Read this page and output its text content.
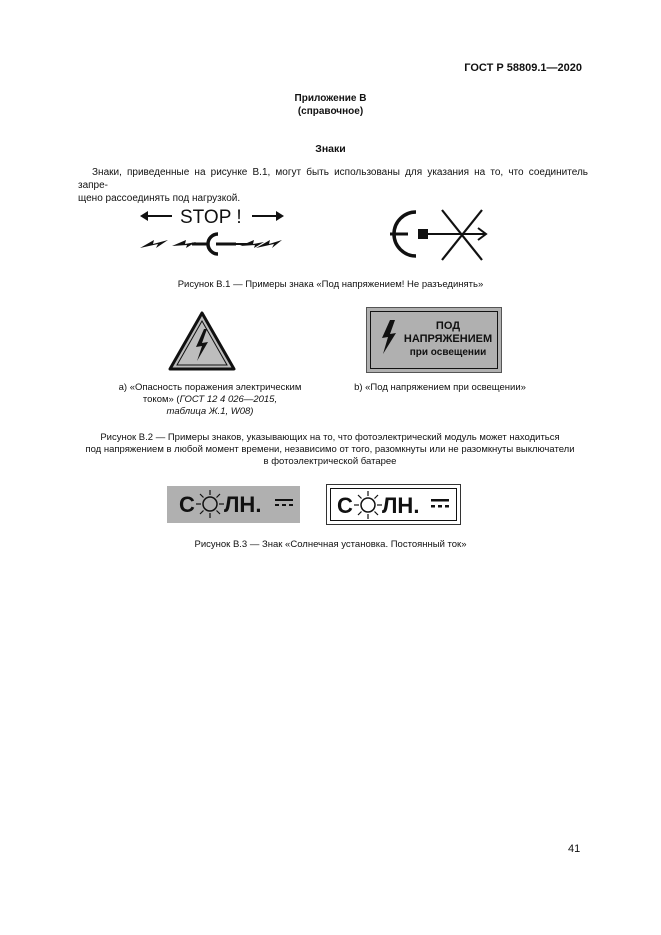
ГОСТ Р 58809.1—2020
Приложение В
(справочное)
Знаки
Знаки, приведенные на рисунке В.1, могут быть использованы для указания на то, что соединитель запре-
щено рассоединять под нагрузкой.
STOP !
Рисунок В.1 — Примеры знака «Под напряжением! Не разъединять»
ПОД
НАПРЯЖЕНИЕМ
при освещении
а) «Опасность поражения электрическим
током» (ГОСТ 12 4 026—2015,
таблица Ж.1, W08)
b) «Под напряжением при освещении»
Рисунок В.2 — Примеры знаков, указывающих на то, что фотоэлектрический модуль может находиться
под напряжением в любой момент времени, независимо от того, разомкнуты или не разомкнуты выключатели
в фотоэлектрической батарее
С ЛН.	С ЛН.
Рисунок В.3 — Знак «Солнечная установка. Постоянный ток»
41
